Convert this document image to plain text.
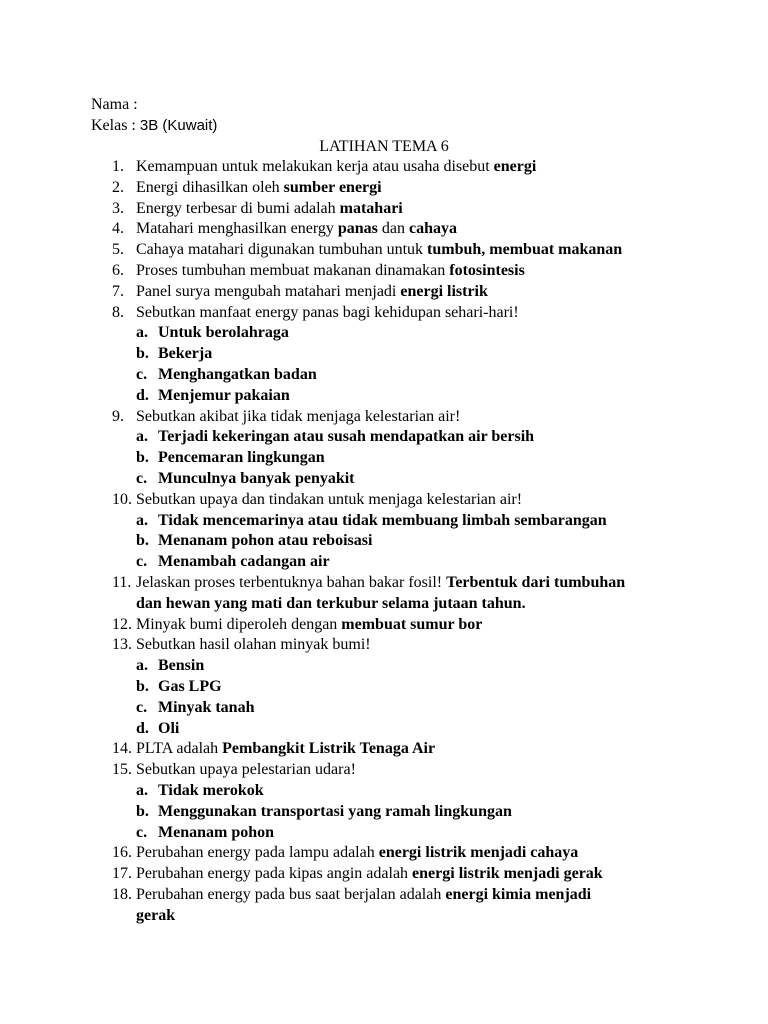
Nama :
Kelas : 3B (Kuwait)
LATIHAN TEMA 6
1. Kemampuan untuk melakukan kerja atau usaha disebut energi
2. Energi dihasilkan oleh sumber energi
3. Energy terbesar di bumi adalah matahari
4. Matahari menghasilkan energy panas dan cahaya
5. Cahaya matahari digunakan tumbuhan untuk tumbuh, membuat makanan
6. Proses tumbuhan membuat makanan dinamakan fotosintesis
7. Panel surya mengubah matahari menjadi energi listrik
8. Sebutkan manfaat energy panas bagi kehidupan sehari-hari!
a. Untuk berolahraga
b. Bekerja
c. Menghangatkan badan
d. Menjemur pakaian
9. Sebutkan akibat jika tidak menjaga kelestarian air!
a. Terjadi kekeringan atau susah mendapatkan air bersih
b. Pencemaran lingkungan
c. Munculnya banyak penyakit
10. Sebutkan upaya dan tindakan untuk menjaga kelestarian air!
a. Tidak mencemarinya atau tidak membuang limbah sembarangan
b. Menanam pohon atau reboisasi
c. Menambah cadangan air
11. Jelaskan proses terbentuknya bahan bakar fosil! Terbentuk dari tumbuhan
dan hewan yang mati dan terkubur selama jutaan tahun.
12. Minyak bumi diperoleh dengan membuat sumur bor
13. Sebutkan hasil olahan minyak bumi!
a. Bensin
b. Gas LPG
c. Minyak tanah
d. Oli
14. PLTA adalah Pembangkit Listrik Tenaga Air
15. Sebutkan upaya pelestarian udara!
a. Tidak merokok
b. Menggunakan transportasi yang ramah lingkungan
c. Menanam pohon
16. Perubahan energy pada lampu adalah energi listrik menjadi cahaya
17. Perubahan energy pada kipas angin adalah energi listrik menjadi gerak
18. Perubahan energy pada bus saat berjalan adalah energi kimia menjadi
gerak
